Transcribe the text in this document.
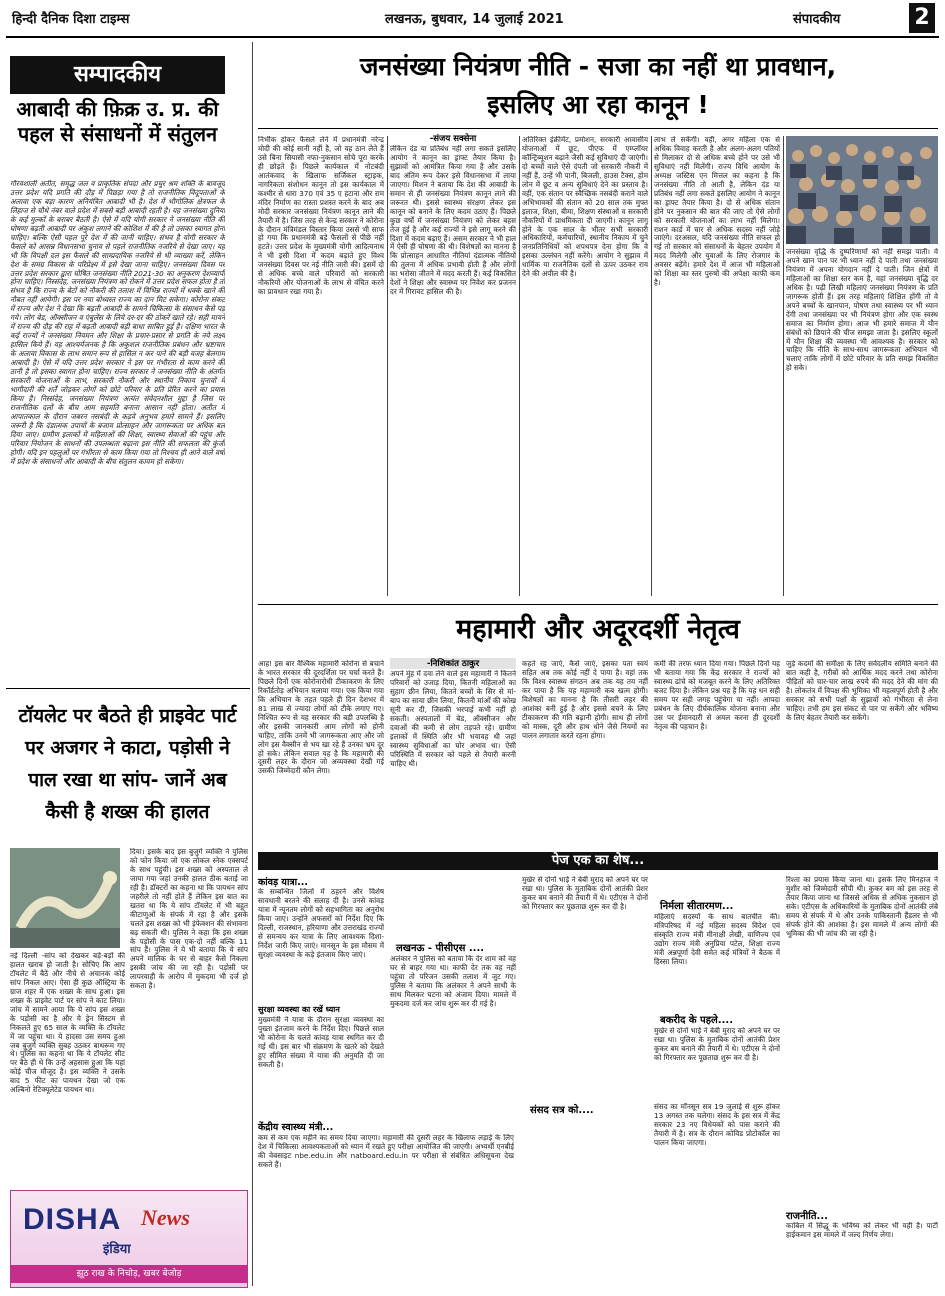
हिन्दी दैनिक दिशा टाइम्स	लखनऊ, बुधवार, 14 जुलाई 2021	संपादकीय	2
सम्पादकीय
आबादी की फ़िक्र उ. प्र. की पहल से संसाधनों में संतुलन
गौरवशाली अतीत, समृद्ध जल व प्राकृतिक संपदा और प्रचुर श्रम शक्ति के बावजूद उत्तर प्रदेश यदि प्रगति की दौड़ में पिछड़ा गया है तो राजनीतिक विदूपताओं के अलावा एक बड़ा कारण अनियंत्रित आबादी भी है। देश में भौगोलिक क्षेत्रफल के लिहाज से चौथे नंबर वाले प्रदेश में सबसे बड़ी आबादी रहती है। यह जनसंख्या दुनिया के कई मुल्कों के बराबर बैठती है। ऐसे में यदि योगी सरकार ने जनसंख्या नीति की घोषणा बढ़ती आबादी पर अंकुश लगाने की कोशिश में की है तो उसका स्वागत होना चाहिए। बल्कि ऐसी पहल पूरे देश में की जानी चाहिए। संभव है योगी सरकार के फैसले को आसन्न विधानसभा चुनाव से पहले राजनीतिक नजरिये से देखा जाए। यह भी कि विपक्षी दल इस फैसले की साम्प्रदायिक नजरिये से भी व्याख्या करें, लेकिन देश के समग्र विकास के परिप्रेक्ष्य में इसे देखा जाना चाहिए। जनसंख्या दिवस पर उत्तर प्रदेश सरकार द्वारा घोषित जनसंख्या नीति 2021-30 का अनुकरण देशव्यापी होना चाहिए। निस्संदेह, जनसंख्या नियंत्रण को रोकने में उत्तर प्रदेश सफल होता है तो संभव है कि राज्य के बेटों को नौकरी की तलाश में विभिन्न राज्यों में धक्के खाने की नौबत नहीं आयेगी। इस पर नया बोध्वस्त राज्य का दान मिट सकेगा। कोरोना संकट में राज्य और देश ने देखा कि बढ़ती आबादी के सामने चिकित्सा के संसाधन कैसे पड़ गये। लोग बेड, ऑक्सीजन व एंबुलेंस के लिये दर-दर की ठोकरें खाते रहे। सही मायने में राज्य की दौड़ की राह में बढ़ती आबादी बड़ी बाधा साबित हुई है। दक्षिण भारत के कई राज्यों ने जनसंख्या नियमन और शिक्षा के प्रचार-प्रसार से प्रगति के नये लक्ष्य हासिल किये हैं। यह आश्चर्यजनक है कि अकुशल राजनीतिक प्रबंधन और भ्रष्टाचार के अलावा विकास के लाभ समान रूप से हासिल न कर पाने की बड़ी वजह बेलगाम आबादी है। ऐसे में यदि उत्तर प्रदेश सरकार ने इस पर गंभीरता से काम करने की ठानी है तो इसका स्वागत होना चाहिए। राज्य सरकार ने जनसंख्या नीति के अंतर्गत सरकारी योजनाओं के लाभ, सरकारी नौकरी और स्थानीय निकाय चुनावों में भागीदारी की शर्तें जोड़कर लोगों को छोटे परिवार के प्रति प्रेरित करने का प्रयास किया है। निस्संदेह, जनसंख्या नियंत्रण अत्यंत संवेदनशील मुद्दा है जिस पर राजनीतिक दलों के बीच आम सहमति बनाना आसान नहीं होता। अतीत में आपातकाल के दौरान जबरन नसबंदी के कड़वे अनुभव हमारे सामने हैं। इसलिए जरूरी है कि दंडात्मक उपायों के बजाय प्रोत्साहन और जागरूकता पर अधिक बल दिया जाए। ग्रामीण इलाकों में महिलाओं की शिक्षा, स्वास्थ्य सेवाओं की पहुंच और परिवार नियोजन के साधनों की उपलब्धता बढ़ाना इस नीति की सफलता की कुंजी होगी। यदि इन पहलुओं पर गंभीरता से काम किया गया तो निश्चय ही आने वाले वर्षों में प्रदेश के संसाधनों और आबादी के बीच संतुलन कायम हो सकेगा।
टॉयलेट पर बैठते ही प्राइवेट पार्ट पर अजगर ने काटा, पड़ोसी ने पाल रखा था सांप- जानें अब कैसी है शख्स की हालत
नई दिल्ली -सांप को देखकर बड़े-बड़ों की हालत खराब हो जाती है। सोचिए कि आप टॉयलेट में बैठें और नीचे से अचानक कोई सांप निकल आए। ऐसा ही कुछ ऑस्ट्रिया के ग्राज शहर में एक शख्स के साथ हुआ। इस शख्स के प्राइवेट पार्ट पर सांप ने काट लिया। जांच में सामने आया कि ये सांप इस शख्स के पड़ोसी का है और ये ड्रेन सिस्टम से निकलते हुए 65 साल के व्यक्ति के टॉयलेट में जा पहुंचा था। ये हादसा उस समय हुआ जब बुजुर्ग व्यक्ति सुबह उठकर बाथरूम गए थे। पुलिस का कहना था कि ये टॉयलेट सीट पर बैठे ही थे कि उन्हें अहसास हुआ कि यहां कोई चीज मौजूद है। इस व्यक्ति ने उसके बाद 5 फीट का पायथन देखा जो एक अल्बिनो रेटिक्यूलेटेड पायथन था।
दिया। इसके बाद इस बुजुर्ग व्यक्ति ने पुलिस को फोन किया जो एक लोकल स्नेक एक्सपर्ट के साथ पहुंची। इस शख्स को अस्पताल ले जाया गया जहां उनकी हालत ठीक बताई जा रही है। डॉक्टरों का कहना था कि पायथन सांप जहरीले तो नहीं होते हैं लेकिन इस बात का खतरा था कि ये सांप टॉयलेट में भी बहुत कीटाणुओं के संपर्क में रहा है और इसके चलते इस शख्स को भी इंफेक्शन की संभावना बढ़ सकती थी। पुलिस ने कहा कि इस शख्स के पड़ोसी के पास एक-दो नहीं बल्कि 11 सांप हैं। पुलिस ने ये भी बताया कि ये सांप अपने मालिक के घर से बाहर कैसे निकला इसकी जांच की जा रही है। पड़ोसी पर लापरवाही के आरोप में मुकदमा भी दर्ज हो सकता है।
DISHA News
इंडिया
झूठ राख के निचोड़, खबर बेजोड़
जनसंख्या नियंत्रण नीति - सजा का नहीं था प्रावधान,
इसलिए आ रहा कानून !
निर्भीक होकर फैसले लेने में प्रधानमंत्री नरेन्द्र मोदी की कोई सानी नहीं है, जो वह ठान लेते हैं उसे बिना सियासी नफा-नुकसान सोचे पूरा करके ही छोड़ते हैं। पिछले कार्यकाल में नोटबंदी आतंकवाद के खिलाफ सर्जिकल स्ट्राइक, नागरिकता संशोधन कानून तो इस कार्यकाल में कश्मीर से धारा 370 एवं 35 ए हटाना और राम मंदिर निर्माण का रास्ता प्रशस्त करने के बाद अब मोदी सरकार जनसंख्या नियंत्रण कानून लाने की तैयारी में है। जिस तरह से केन्द्र सरकार ने कोरोना के दौरान मंत्रिमंडल विस्तार किया उससे भी साफ हो गया कि प्रधानमंत्री बड़े फैसलों से पीछे नहीं हटते। उत्तर प्रदेश के मुख्यमंत्री योगी आदित्यनाथ ने भी इसी दिशा में कदम बढ़ाते हुए विश्व जनसंख्या दिवस पर नई नीति जारी की। इसमें दो से अधिक बच्चे वाले परिवारों को सरकारी नौकरियों और योजनाओं के लाभ से वंचित करने का प्रावधान रखा गया है।
-संजय सक्सेना
लेकिन दंड या प्रतिबंध नहीं लगा सकते इसलिए आयोग ने कानून का ड्राफ्ट तैयार किया है। सुझावों को आमंत्रित किया गया है और उसके बाद अंतिम रूप देकर इसे विधानसभा में लाया जाएगा। मिशन ने बताया कि देश की आबादी के समान से ही जनसंख्या नियंत्रण कानून लाने की जरूरत थी। इससे स्वास्थ्य संरक्षण लेकर इस कानून को बनाने के लिए कदम उठाए हैं। पिछले कुछ वर्षों में जनसंख्या नियंत्रण को लेकर बहस तेज हुई है और कई राज्यों ने इसे लागू करने की दिशा में कदम बढ़ाए हैं। असम सरकार ने भी हाल में ऐसी ही घोषणा की थी। विशेषज्ञों का मानना है कि प्रोत्साहन आधारित नीतियां दंडात्मक नीतियों की तुलना में अधिक प्रभावी होती हैं और लोगों का भरोसा जीतने में मदद करती हैं। कई विकसित देशों ने शिक्षा और स्वास्थ्य पर निवेश कर प्रजनन दर में गिरावट हासिल की है।
अतिरिक्त इंक्रीमेंट, प्रमोशन, सरकारी आवासीय योजनाओं में छूट, पीएफ में एम्प्लॉयर कॉन्ट्रिब्यूशन बढ़ाने जैसी कई सुविधाएं दी जाएंगी। दो बच्चों वाले ऐसे दंपती जो सरकारी नौकरी में नहीं हैं, उन्हें भी पानी, बिजली, हाउस टैक्स, होम लोन में छूट व अन्य सुविधाएं देने का प्रस्ताव है। वहीं, एक संतान पर स्वैच्छिक नसबंदी कराने वाले अभिभावकों की संतान को 20 साल तक मुफ्त इलाज, शिक्षा, बीमा, शिक्षण संस्थाओं व सरकारी नौकरियों में प्राथमिकता दी जाएगी। कानून लागू होने के एक साल के भीतर सभी सरकारी अधिकारियों, कर्मचारियों, स्थानीय निकाय में चुने जनप्रतिनिधियों को शपथपत्र देना होगा कि वे इसका उल्लंघन नहीं करेंगे। आयोग ने सुझाव में धार्मिक या राजनैतिक दलों से ऊपर उठकर राय देने की अपील की है।
लाभ ले सकेंगी। वहीं, अगर महिला एक से अधिक विवाह करती है और अलग-अलग पतियों से मिलाकर दो से अधिक बच्चे होने पर उसे भी सुविधाएं नहीं मिलेंगी। राज्य विधि आयोग के अध्यक्ष जस्टिस एन मित्तल का कहना है कि जनसंख्या नीति तो आती है, लेकिन दंड या प्रतिबंध नहीं लगा सकते इसलिए आयोग ने कानून का ड्राफ्ट तैयार किया है। दो से अधिक संतान होने पर नुकसान की बात की जाए तो ऐसे लोगों को सरकारी योजनाओं का लाभ नहीं मिलेगा। राशन कार्ड में चार से अधिक सदस्य नहीं जोड़े जाएंगे। दरअसल, यदि जनसंख्या नीति सफल हो गई तो सरकार को संसाधनों के बेहतर उपयोग में मदद मिलेगी और युवाओं के लिए रोजगार के अवसर बढ़ेंगे। हमारे देश में आज भी महिलाओं को शिक्षा का स्तर पुरुषों की अपेक्षा काफी कम है।
जनसंख्या वृद्धि के दुष्परिणामों को नहीं समझ पाती। वे अपने खान पान पर भी ध्यान नहीं दे पाती तथा जनसंख्या नियंत्रण में अपना योगदान नहीं दे पाती। जिन क्षेत्रों में महिलाओं का शिक्षा स्तर कम है, वहां जनसंख्या वृद्धि दर अधिक है। पढ़ी लिखी महिलाएं जनसंख्या नियंत्रण के प्रति जागरूक होती हैं। इस तरह महिलाएं शिक्षित होंगी तो वे अपने बच्चों के खानपान, पोषण तथा स्वास्थ्य पर भी ध्यान देंगी तथा जनसंख्या पर भी नियंत्रण होगा और एक स्वस्थ समाज का निर्माण होगा। आज भी हमारे समाज में यौन संबंधों को छिपाने की चीज समझा जाता है। इसलिए स्कूलों में यौन शिक्षा की व्यवस्था भी आवश्यक है। सरकार को चाहिए कि नीति के साथ-साथ जागरूकता अभियान भी चलाए ताकि लोगों में छोटे परिवार के प्रति समझ विकसित हो सके।
महामारी और अदूरदर्शी नेतृत्व
आह! इस बार वैश्विक महामारी कोरोना से बचाने के भारत सरकार की दूरदर्शिता पर चर्चा करते हैं। पिछले दिनों एक कोरोनारोधी टीकाकरण के लिए रिकॉर्डतोड़ अभियान चलाया गया। एक किया गया कि अभियान के तहत पहले ही दिन देशभर में 81 लाख से ज्यादा लोगों को टीके लगाए गए। निश्चित रूप से यह सरकार की बड़ी उपलब्धि है और इसकी जानकारी आम लोगों को होनी चाहिए, ताकि उनमें भी जागरूकता आए और जो लोग इस वैक्सीन से भय खा रहे हैं उनका भ्रम दूर हो सके। लेकिन सवाल यह है कि महामारी की दूसरी लहर के दौरान जो अव्यवस्था देखी गई उसकी जिम्मेदारी कौन लेगा।
-निशिकांत ठाकुर
अपने मुंह में दवा लेने वाले इस महामारी ने कितने परिवारों को उजाड़ दिया, कितनी महिलाओं का सुहाग छीन लिया, कितने बच्चों के सिर से मां-बाप का साया छीन लिया, कितनी मांओं की कोख सूनी कर दी, जिसकी भरपाई कभी नहीं हो सकती। अस्पतालों में बेड, ऑक्सीजन और दवाओं की कमी से लोग तड़पते रहे। ग्रामीण इलाकों में स्थिति और भी भयावह थी जहां स्वास्थ्य सुविधाओं का घोर अभाव था। ऐसी परिस्थिति में सरकार को पहले से तैयारी करनी चाहिए थी।
कहते रह जाएं, कैसे जाएं, इसका पता स्वयं सहित अब तक कोई नहीं दे पाया है। वहां तक कि विश्व स्वास्थ्य संगठन अब तक यह तय नहीं कर पाया है कि यह महामारी कब खत्म होगी। विशेषज्ञों का मानना है कि तीसरी लहर की आशंका बनी हुई है और इससे बचने के लिए टीकाकरण की गति बढ़ानी होगी। साथ ही लोगों को मास्क, दूरी और हाथ धोने जैसे नियमों का पालन लगातार करते रहना होगा।
कमी की तरफ ध्यान दिया गया। पिछले दिनों यह भी बताया गया कि केंद्र सरकार ने राज्यों को स्वास्थ्य ढांचे को मजबूत करने के लिए अतिरिक्त बजट दिया है। लेकिन प्रश्न यह है कि यह धन सही समय पर सही जगह पहुंचेगा या नहीं। आपदा प्रबंधन के लिए दीर्घकालिक योजना बनाना और उस पर ईमानदारी से अमल करना ही दूरदर्शी नेतृत्व की पहचान है।
जुड़े कदमों की समीक्षा के लिए सर्वदलीय समिति बनाने की बात कही है, गरीबों को आर्थिक मदद करने तथा कोरोना पीड़ितों को चार-चार लाख रुपये की मदद देने की मांग की है। लोकतंत्र में विपक्ष की भूमिका भी महत्वपूर्ण होती है और सरकार को सभी पक्षों के सुझावों को गंभीरता से लेना चाहिए। तभी हम इस संकट से पार पा सकेंगे और भविष्य के लिए बेहतर तैयारी कर सकेंगे।
पेज एक का शेष...
कांवड़ यात्रा...
के सम्बन्धित जिलों में ठहरने और विशेष सावधानी बरतने की सलाह दी है। उनसे कांवड़ यात्रा में न्यूनतम लोगों को सहभागिता का अनुरोध किया जाए। उन्होंने अफसरों को निर्देश दिए कि दिल्ली, राजस्थान, हरियाणा और उत्तराखंड राज्यों से समन्वय कर यात्रा के लिए आवश्यक दिशा-निर्देश जारी किए जाएं। मानसून के इस मौसम में सुरक्षा व्यवस्था के कड़े इंतजाम किए जाएं।
सुरक्षा व्यवस्था का रखें ध्यान
मुख्यमंत्री ने यात्रा के दौरान सुरक्षा व्यवस्था का पुख्ता इंतजाम करने के निर्देश दिए। पिछले साल भी कोरोना के चलते कांवड़ यात्रा स्थगित कर दी गई थी। इस बार भी संक्रमण के खतरे को देखते हुए सीमित संख्या में यात्रा की अनुमति दी जा सकती है।
केंद्रीय स्वास्थ्य मंत्री...
कम से कम एक महीने का समय दिया जाएगा। महामारी की दूसरी लहर के खिलाफ लड़ाई के लिए देश में चिकित्सा आवश्यकताओं को ध्यान में रखते हुए परीक्षा आयोजित की जाएगी। अभ्यर्थी एनबीई की वेबसाइट nbe.edu.in और natboard.edu.in पर परीक्षा से संबंधित अधिसूचना देख सकते हैं।
लखनऊ - पीसीएस ....
अलंकार ने पुलिस को बताया कि देर शाम को वह घर से बाहर गया था। काफी देर तक वह नहीं पहुंचा तो परिजन उसकी तलाश में जुट गए। पुलिस ने बताया कि अलंकार ने अपने साथी के साथ मिलकर घटना को अंजाम दिया। मामले में मुकदमा दर्ज कर जांच शुरू कर दी गई है।
मुखेर से दोनों भाई ने बेबी मुराद को अपने घर पर रखा था। पुलिस के मुताबिक दोनों आतंकी प्रेशर कुकर बम बनाने की तैयारी में थे। एटीएस ने दोनों को गिरफ्तार कर पूछताछ शुरू कर दी है।	निर्मला सीतारमण...
महिलाएं सदस्यों के साथ बातचीत की। मंत्रिपरिषद में नई महिला सदस्य विदेश एवं संस्कृति राज्य मंत्री मीनाक्षी लेखी, वाणिज्य एवं उद्योग राज्य मंत्री अनुप्रिया पटेल, शिक्षा राज्य मंत्री अन्नपूर्णा देवी समेत कई मंत्रियों ने बैठक में हिस्सा लिया।
बकरीद के पहले....
मुखेर से दोनों भाई ने बेबी मुराद को अपने घर पर रखा था। पुलिस के मुताबिक दोनों आतंकी प्रेशर कुकर बम बनाने की तैयारी में थे। एटीएस ने दोनों को गिरफ्तार कर पूछताछ शुरू कर दी है।
संसद सत्र को....	संसद का मॉनसून सत्र 19 जुलाई से शुरू होकर 13 अगस्त तक चलेगा। संसद के इस सत्र में केंद्र सरकार 23 नए विधेयकों को पास कराने की तैयारी में है। सत्र के दौरान कोविड प्रोटोकॉल का पालन किया जाएगा।
रिश्ता का प्रयास किया जाना था। इसके लिए मिनहाज ने मुशीर को जिम्मेदारी सौंपी थी। कुकर बम को इस तरह से तैयार किया जाना था जिससे अधिक से अधिक नुकसान हो सके। एटीएस के अधिकारियों के मुताबिक दोनों आतंकी लंबे समय से संपर्क में थे और उनके पाकिस्तानी हैंडलर से भी संपर्क होने की आशंका है। इस मामले में अन्य लोगों की भूमिका की भी जांच की जा रही है।
राजनीति...
काबिल में सिद्धू के भविष्य को लेकर भी यही है। पार्टी हाईकमान इस मामले में जल्द निर्णय लेगा।
